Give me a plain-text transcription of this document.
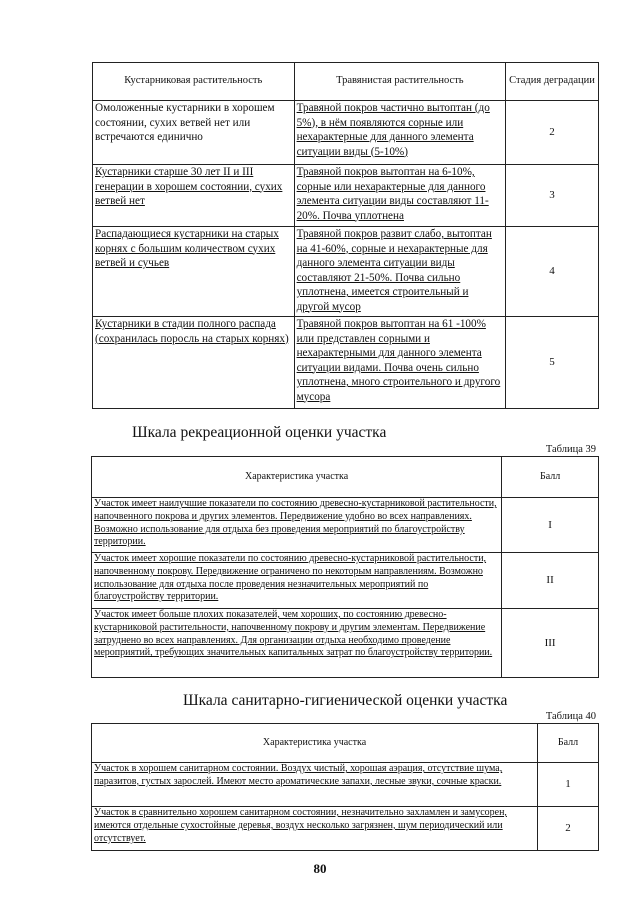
Кустарниковая растительность	Травянистая растительность	Стадия деградации
Омоложенные кустарники в хорошем состоянии, сухих ветвей нет или встречаются единично	Травяной покров частично вытоптан (до 5%), в нём появляются сорные или нехарактерные для данного элемента ситуации виды (5-10%)	2
Кустарники старше 30 лет II и III генерации в хорошем состоянии, сухих ветвей нет	Травяной покров вытоптан на 6-10%, сорные или нехарактерные для данного элемента ситуации виды составляют 11-20%. Почва уплотнена	3
Распадающиеся кустарники на старых корнях с большим количеством сухих ветвей и сучьев	Травяной покров развит слабо, вытоптан на 41-60%, сорные и нехарактерные для данного элемента ситуации виды составляют 21-50%. Почва сильно уплотнена, имеется строительный и другой мусор	4
Кустарники в стадии полного распада (сохранилась поросль на старых корнях)	Травяной покров вытоптан на 61 -100% или представлен сорными и нехарактерными для данного элемента ситуации видами. Почва очень сильно уплотнена, много строительного и другого мусора	5
Шкала рекреационной оценки участка
Таблица 39
Характеристика участка	Балл
Участок имеет наилучшие показатели по состоянию древесно-кустарниковой растительности, напочвенного покрова и других элементов. Передвижение удобно во всех направлениях. Возможно использование для отдыха без проведения мероприятий по благоустройству территории.	I
Участок имеет хорошие показатели по состоянию древесно-кустарниковой растительности, напочвенному покрову. Передвижение ограничено по некоторым направлениям. Возможно использование для отдыха после проведения незначительных мероприятий по благоустройству территории.	II
Участок имеет больше плохих показателей, чем хороших, по состоянию древесно-кустарниковой растительности, напочвенному покрову и другим элементам. Передвижение затруднено во всех направлениях. Для организации отдыха необходимо проведение мероприятий, требующих значительных капитальных затрат по благоустройству территории.	III
Шкала санитарно-гигиенической оценки участка
Таблица 40
Характеристика участка	Балл
Участок в хорошем санитарном состоянии. Воздух чистый, хорошая аэрация, отсутствие шума, паразитов, густых зарослей. Имеют место ароматические запахи, лесные звуки, сочные краски.	1
Участок в сравнительно хорошем санитарном состоянии, незначительно захламлен и замусорен, имеются отдельные сухостойные деревья, воздух несколько загрязнен, шум периодический или отсутствует.	2
80
